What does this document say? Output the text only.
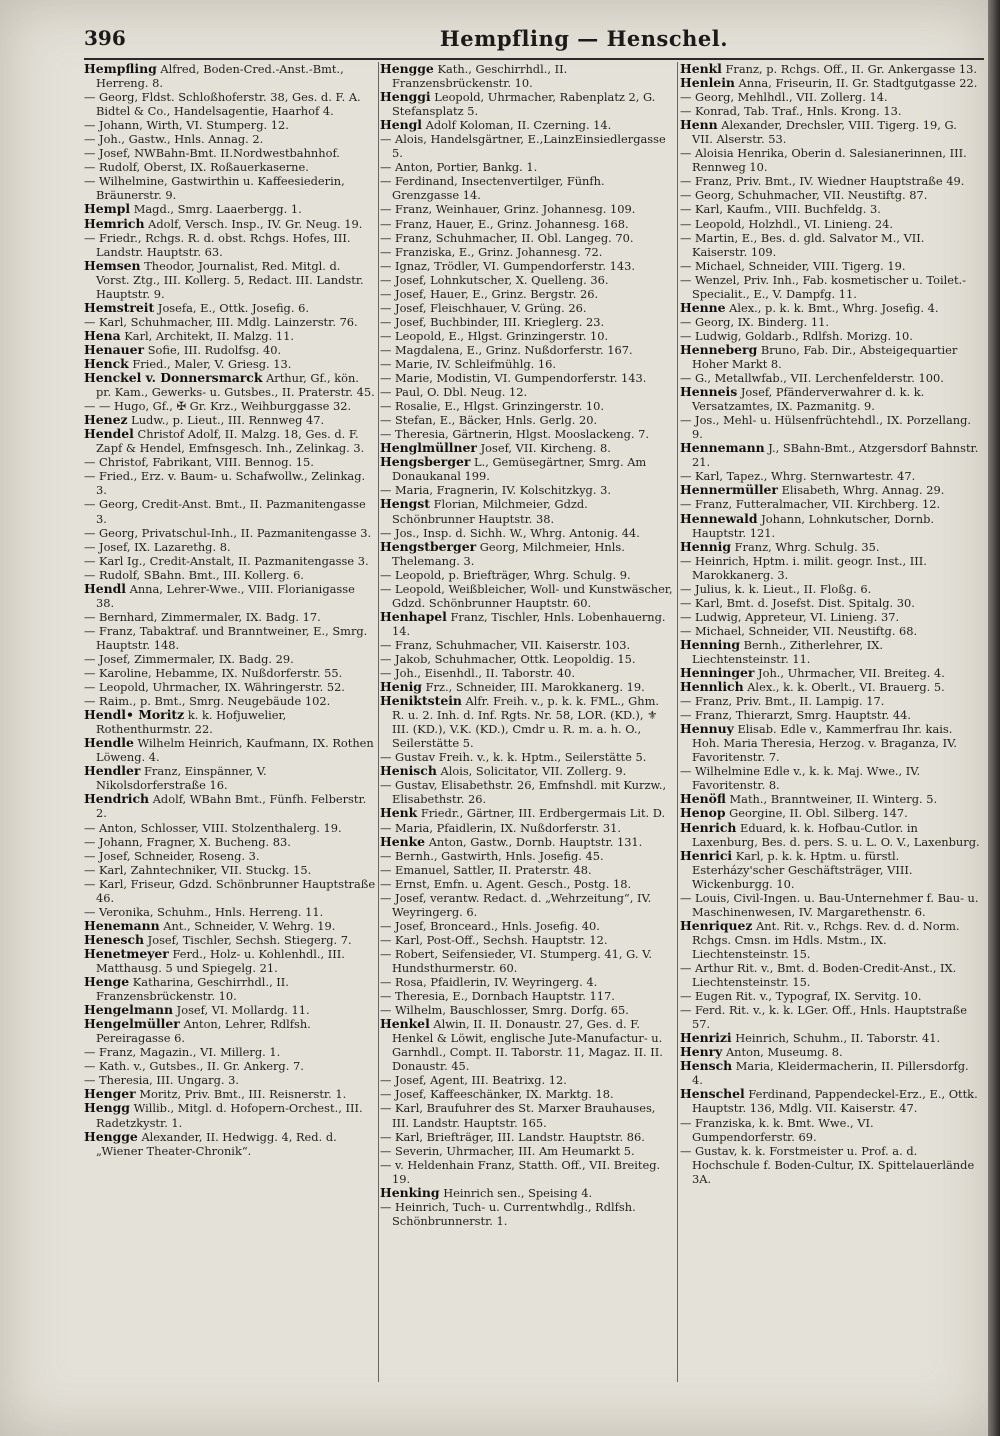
396	Hempfling — Henschel.

Hempfling Alfred, Boden-Cred.-Anst.-Bmt., Herreng. 8.

— Georg, Fldst. Schloßhoferstr. 38, Ges. d. F. A. Bidtel & Co., Handelsagentie, Haarhof 4.

— Johann, Wirth, VI. Stumperg. 12.

— Joh., Gastw., Hnls. Annag. 2.

— Josef, NWBahn-Bmt. II.Nordwestbahnhof.

— Rudolf, Oberst, IX. Roßauerkaserne.

— Wilhelmine, Gastwirthin u. Kaffeesiederin, Bräunerstr. 9.

Hempl Magd., Smrg. Laaerbergg. 1.

Hemrich Adolf, Versch. Insp., IV. Gr. Neug. 19.

— Friedr., Rchgs. R. d. obst. Rchgs. Hofes, III. Landstr. Hauptstr. 63.

Hemsen Theodor, Journalist, Red. Mitgl. d. Vorst. Ztg., III. Kollerg. 5, Redact. III. Landstr. Hauptstr. 9.

Hemstreit Josefa, E., Ottk. Josefig. 6.

— Karl, Schuhmacher, III. Mdlg. Lainzerstr. 76.

Hena Karl, Architekt, II. Malzg. 11.

Henauer Sofie, III. Rudolfsg. 40.

Henck Fried., Maler, V. Griesg. 13.

Henckel v. Donnersmarck Arthur, Gf., kön. pr. Kam., Gewerks- u. Gutsbes., II. Praterstr. 45.

— — Hugo, Gf., ✠ Gr. Krz., Weihburggasse 32.

Henez Ludw., p. Lieut., III. Rennweg 47.

Hendel Christof Adolf, II. Malzg. 18, Ges. d. F. Zapf & Hendel, Emfnsgesch. Inh., Zelinkag. 3.

— Christof, Fabrikant, VIII. Bennog. 15.

— Fried., Erz. v. Baum- u. Schafwollw., Zelinkag. 3.

— Georg, Credit-Anst. Bmt., II. Pazmanitengasse 3.

— Georg, Privatschul-Inh., II. Pazmanitengasse 3.

— Josef, IX. Lazarethg. 8.

— Karl Ig., Credit-Anstalt, II. Pazmanitengasse 3.

— Rudolf, SBahn. Bmt., III. Kollerg. 6.

Hendl Anna, Lehrer-Wwe., VIII. Florianigasse 38.

— Bernhard, Zimmermaler, IX. Badg. 17.

— Franz, Tabaktraf. und Branntweiner, E., Smrg. Hauptstr. 148.

— Josef, Zimmermaler, IX. Badg. 29.

— Karoline, Hebamme, IX. Nußdorferstr. 55.

— Leopold, Uhrmacher, IX. Währingerstr. 52.

— Raim., p. Bmt., Smrg. Neugebäude 102.

Hendl• Moritz k. k. Hofjuwelier, Rothenthurmstr. 22.

Hendle Wilhelm Heinrich, Kaufmann, IX. Rothen Löweng. 4.

Hendler Franz, Einspänner, V. Nikolsdorferstraße 16.

Hendrich Adolf, WBahn Bmt., Fünfh. Felberstr. 2.

— Anton, Schlosser, VIII. Stolzenthalerg. 19.

— Johann, Fragner, X. Bucheng. 83.

— Josef, Schneider, Roseng. 3.

— Karl, Zahntechniker, VII. Stuckg. 15.

— Karl, Friseur, Gdzd. Schönbrunner Hauptstraße 46.

— Veronika, Schuhm., Hnls. Herreng. 11.

Henemann Ant., Schneider, V. Wehrg. 19.

Henesch Josef, Tischler, Sechsh. Stiegerg. 7.

Henetmeyer Ferd., Holz- u. Kohlenhdl., III. Matthausg. 5 und Spiegelg. 21.

Henge Katharina, Geschirrhdl., II. Franzensbrückenstr. 10.

Hengelmann Josef, VI. Mollardg. 11.

Hengelmüller Anton, Lehrer, Rdlfsh. Pereiragasse 6.

— Franz, Magazin., VI. Millerg. 1.

— Kath. v., Gutsbes., II. Gr. Ankerg. 7.

— Theresia, III. Ungarg. 3.

Henger Moritz, Priv. Bmt., III. Reisnerstr. 1.

Hengg Willib., Mitgl. d. Hofopern-Orchest., III. Radetzkystr. 1.

Hengge Alexander, II. Hedwigg. 4, Red. d. „Wiener Theater-Chronik“.

Hengge Kath., Geschirrhdl., II. Franzensbrückenstr. 10.

Henggi Leopold, Uhrmacher, Rabenplatz 2, G. Stefansplatz 5.

Hengl Adolf Koloman, II. Czerning. 14.

— Alois, Handelsgärtner, E.,LainzEinsiedlergasse 5.

— Anton, Portier, Bankg. 1.

— Ferdinand, Insectenvertilger, Fünfh. Grenzgasse 14.

— Franz, Weinhauer, Grinz. Johannesg. 109.

— Franz, Hauer, E., Grinz. Johannesg. 168.

— Franz, Schuhmacher, II. Obl. Langeg. 70.

— Franziska, E., Grinz. Johannesg. 72.

— Ignaz, Trödler, VI. Gumpendorferstr. 143.

— Josef, Lohnkutscher, X. Quelleng. 36.

— Josef, Hauer, E., Grinz. Bergstr. 26.

— Josef, Fleischhauer, V. Grüng. 26.

— Josef, Buchbinder, III. Krieglerg. 23.

— Leopold, E., Hlgst. Grinzingerstr. 10.

— Magdalena, E., Grinz. Nußdorferstr. 167.

— Marie, IV. Schleifmühlg. 16.

— Marie, Modistin, VI. Gumpendorferstr. 143.

— Paul, O. Dbl. Neug. 12.

— Rosalie, E., Hlgst. Grinzingerstr. 10.

— Stefan, E., Bäcker, Hnls. Gerlg. 20.

— Theresia, Gärtnerin, Hlgst. Mooslackeng. 7.

Henglmüllner Josef, VII. Kircheng. 8.

Hengsberger L., Gemüsegärtner, Smrg. Am Donaukanal 199.

— Maria, Fragnerin, IV. Kolschitzkyg. 3.

Hengst Florian, Milchmeier, Gdzd. Schönbrunner Hauptstr. 38.

— Jos., Insp. d. Sichh. W., Whrg. Antonig. 44.

Hengstberger Georg, Milchmeier, Hnls. Thelemang. 3.

— Leopold, p. Briefträger, Whrg. Schulg. 9.

— Leopold, Weißbleicher, Woll- und Kunstwäscher, Gdzd. Schönbrunner Hauptstr. 60.

Henhapel Franz, Tischler, Hnls. Lobenhauerng. 14.

— Franz, Schuhmacher, VII. Kaiserstr. 103.

— Jakob, Schuhmacher, Ottk. Leopoldig. 15.

— Joh., Eisenhdl., II. Taborstr. 40.

Henig Frz., Schneider, III. Marokkanerg. 19.

Heniktstein Alfr. Freih. v., p. k. k. FML., Ghm. R. u. 2. Inh. d. Inf. Rgts. Nr. 58, LOR. (KD.), ⚜ III. (KD.), V.K. (KD.), Cmdr u. R. m. a. h. O., Seilerstätte 5.

— Gustav Freih. v., k. k. Hptm., Seilerstätte 5.

Henisch Alois, Solicitator, VII. Zollerg. 9.

— Gustav, Elisabethstr. 26, Emfnshdl. mit Kurzw., Elisabethstr. 26.

Henk Friedr., Gärtner, III. Erdbergermais Lit. D.

— Maria, Pfaidlerin, IX. Nußdorferstr. 31.

Henke Anton, Gastw., Dornb. Hauptstr. 131.

— Bernh., Gastwirth, Hnls. Josefig. 45.

— Emanuel, Sattler, II. Praterstr. 48.

— Ernst, Emfn. u. Agent. Gesch., Postg. 18.

— Josef, verantw. Redact. d. „Wehrzeitung“, IV. Weyringerg. 6.

— Josef, Bronceard., Hnls. Josefig. 40.

— Karl, Post-Off., Sechsh. Hauptstr. 12.

— Robert, Seifensieder, VI. Stumperg. 41, G. V. Hundsthurmerstr. 60.

— Rosa, Pfaidlerin, IV. Weyringerg. 4.

— Theresia, E., Dornbach Hauptstr. 117.

— Wilhelm, Bauschlosser, Smrg. Dorfg. 65.

Henkel Alwin, II. II. Donaustr. 27, Ges. d. F. Henkel & Löwit, englische Jute-Manufactur- u. Garnhdl., Compt. II. Taborstr. 11, Magaz. II. II. Donaustr. 45.

— Josef, Agent, III. Beatrixg. 12.

— Josef, Kaffeeschänker, IX. Marktg. 18.

— Karl, Braufuhrer des St. Marxer Brauhauses, III. Landstr. Hauptstr. 165.

— Karl, Briefträger, III. Landstr. Hauptstr. 86.

— Severin, Uhrmacher, III. Am Heumarkt 5.

— v. Heldenhain Franz, Statth. Off., VII. Breiteg. 19.

Henking Heinrich sen., Speising 4.

— Heinrich, Tuch- u. Currentwhdlg., Rdlfsh. Schönbrunnerstr. 1.

Henkl Franz, p. Rchgs. Off., II. Gr. Ankergasse 13.

Henlein Anna, Friseurin, II. Gr. Stadtgutgasse 22.

— Georg, Mehlhdl., VII. Zollerg. 14.

— Konrad, Tab. Traf., Hnls. Krong. 13.

Henn Alexander, Drechsler, VIII. Tigerg. 19, G. VII. Alserstr. 53.

— Aloisia Henrika, Oberin d. Salesianerinnen, III. Rennweg 10.

— Franz, Priv. Bmt., IV. Wiedner Hauptstraße 49.

— Georg, Schuhmacher, VII. Neustiftg. 87.

— Karl, Kaufm., VIII. Buchfeldg. 3.

— Leopold, Holzhdl., VI. Linieng. 24.

— Martin, E., Bes. d. gld. Salvator M., VII. Kaiserstr. 109.

— Michael, Schneider, VIII. Tigerg. 19.

— Wenzel, Priv. Inh., Fab. kosmetischer u. Toilet.-Specialit., E., V. Dampfg. 11.

Henne Alex., p. k. k. Bmt., Whrg. Josefig. 4.

— Georg, IX. Binderg. 11.

— Ludwig, Goldarb., Rdlfsh. Morizg. 10.

Henneberg Bruno, Fab. Dir., Absteigequartier Hoher Markt 8.

— G., Metallwfab., VII. Lerchenfelderstr. 100.

Henneis Josef, Pfänderverwahrer d. k. k. Versatzamtes, IX. Pazmanitg. 9.

— Jos., Mehl- u. Hülsenfrüchtehdl., IX. Porzellang. 9.

Hennemann J., SBahn-Bmt., Atzgersdorf Bahnstr. 21.

— Karl, Tapez., Whrg. Sternwartestr. 47.

Hennermüller Elisabeth, Whrg. Annag. 29.

— Franz, Futteralmacher, VII. Kirchberg. 12.

Hennewald Johann, Lohnkutscher, Dornb. Hauptstr. 121.

Hennig Franz, Whrg. Schulg. 35.

— Heinrich, Hptm. i. milit. geogr. Inst., III. Marokkanerg. 3.

— Julius, k. k. Lieut., II. Floßg. 6.

— Karl, Bmt. d. Josefst. Dist. Spitalg. 30.

— Ludwig, Appreteur, VI. Linieng. 37.

— Michael, Schneider, VII. Neustiftg. 68.

Henning Bernh., Zitherlehrer, IX. Liechtensteinstr. 11.

Henninger Joh., Uhrmacher, VII. Breiteg. 4.

Hennlich Alex., k. k. Oberlt., VI. Brauerg. 5.

— Franz, Priv. Bmt., II. Lampig. 17.

— Franz, Thierarzt, Smrg. Hauptstr. 44.

Hennuy Elisab. Edle v., Kammerfrau Ihr. kais. Hoh. Maria Theresia, Herzog. v. Braganza, IV. Favoritenstr. 7.

— Wilhelmine Edle v., k. k. Maj. Wwe., IV. Favoritenstr. 8.

Henöfl Math., Branntweiner, II. Winterg. 5.

Henop Georgine, II. Obl. Silberg. 147.

Henrich Eduard, k. k. Hofbau-Cutlor. in Laxenburg, Bes. d. pers. S. u. L. O. V., Laxenburg.

Henrici Karl, p. k. k. Hptm. u. fürstl. Esterházy'scher Geschäftsträger, VIII. Wickenburgg. 10.

— Louis, Civil-Ingen. u. Bau-Unternehmer f. Bau- u. Maschinenwesen, IV. Margarethenstr. 6.

Henriquez Ant. Rit. v., Rchgs. Rev. d. d. Norm. Rchgs. Cmsn. im Hdls. Mstm., IX. Liechtensteinstr. 15.

— Arthur Rit. v., Bmt. d. Boden-Credit-Anst., IX. Liechtensteinstr. 15.

— Eugen Rit. v., Typograf, IX. Servitg. 10.

— Ferd. Rit. v., k. k. LGer. Off., Hnls. Hauptstraße 57.

Henrizi Heinrich, Schuhm., II. Taborstr. 41.

Henry Anton, Museumg. 8.

Hensch Maria, Kleidermacherin, II. Pillersdorfg. 4.

Henschel Ferdinand, Pappendeckel-Erz., E., Ottk. Hauptstr. 136, Mdlg. VII. Kaiserstr. 47.

— Franziska, k. k. Bmt. Wwe., VI. Gumpendorferstr. 69.

— Gustav, k. k. Forstmeister u. Prof. a. d. Hochschule f. Boden-Cultur, IX. Spittelauerlände 3A.
